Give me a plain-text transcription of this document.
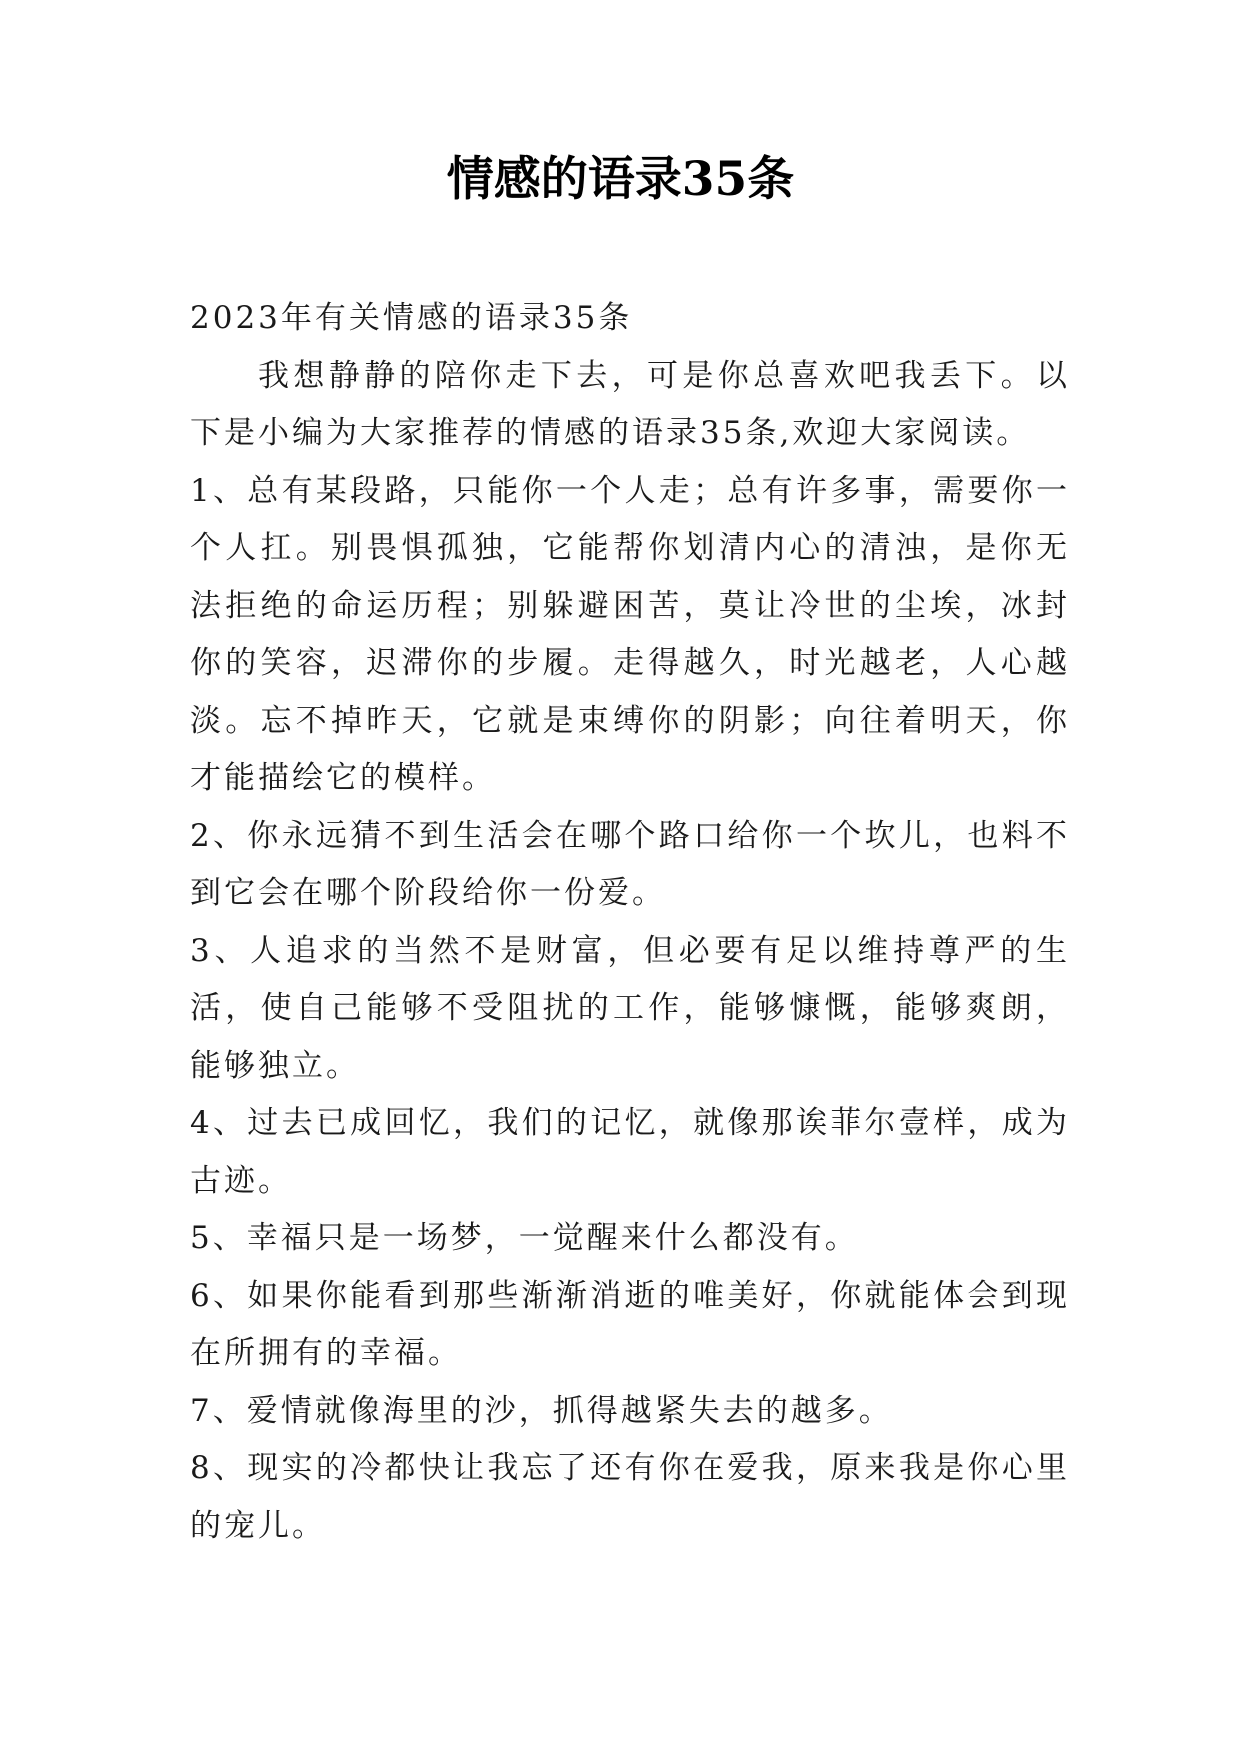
情感的语录35条

2023年有关情感的语录35条

我想静静的陪你走下去，可是你总喜欢吧我丢下。以下是小编为大家推荐的情感的语录35条,欢迎大家阅读。

1、总有某段路，只能你一个人走；总有许多事，需要你一个人扛。别畏惧孤独，它能帮你划清内心的清浊，是你无法拒绝的命运历程；别躲避困苦，莫让冷世的尘埃，冰封你的笑容，迟滞你的步履。走得越久，时光越老，人心越淡。忘不掉昨天，它就是束缚你的阴影；向往着明天，你才能描绘它的模样。

2、你永远猜不到生活会在哪个路口给你一个坎儿，也料不到它会在哪个阶段给你一份爱。

3、人追求的当然不是财富，但必要有足以维持尊严的生活，使自己能够不受阻扰的工作，能够慷慨，能够爽朗，能够独立。

4、过去已成回忆，我们的记忆，就像那诶菲尔壹样，成为古迹。

5、幸福只是一场梦，一觉醒来什么都没有。

6、如果你能看到那些渐渐消逝的唯美好，你就能体会到现在所拥有的幸福。

7、爱情就像海里的沙，抓得越紧失去的越多。

8、现实的冷都快让我忘了还有你在爱我，原来我是你心里的宠儿。
